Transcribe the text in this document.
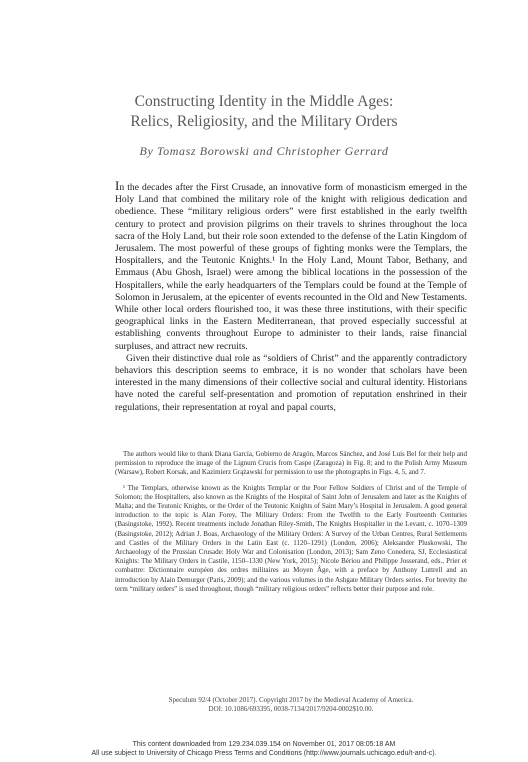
Constructing Identity in the Middle Ages:
Relics, Religiosity, and the Military Orders
By Tomasz Borowski and Christopher Gerrard

In the decades after the First Crusade, an innovative form of monasticism emerged in the Holy Land that combined the military role of the knight with religious dedication and obedience. These “military religious orders” were first established in the early twelfth century to protect and provision pilgrims on their travels to shrines throughout the loca sacra of the Holy Land, but their role soon extended to the defense of the Latin Kingdom of Jerusalem. The most powerful of these groups of fighting monks were the Templars, the Hospitallers, and the Teutonic Knights.¹ In the Holy Land, Mount Tabor, Bethany, and Emmaus (Abu Ghosh, Israel) were among the biblical locations in the possession of the Hospitallers, while the early headquarters of the Templars could be found at the Temple of Solomon in Jerusalem, at the epicenter of events recounted in the Old and New Testaments. While other local orders flourished too, it was these three institutions, with their specific geographical links in the Eastern Mediterranean, that proved especially successful at establishing convents throughout Europe to administer to their lands, raise financial surpluses, and attract new recruits.

Given their distinctive dual role as “soldiers of Christ” and the apparently contradictory behaviors this description seems to embrace, it is no wonder that scholars have been interested in the many dimensions of their collective social and cultural identity. Historians have noted the careful self-presentation and promotion of reputation enshrined in their regulations, their representation at royal and papal courts,

The authors would like to thank Diana García, Gobierno de Aragón, Marcos Sánchez, and José Luis Bel for their help and permission to reproduce the image of the Lignum Crucis from Caspe (Zaragoza) in Fig. 8; and to the Polish Army Museum (Warsaw), Robert Korsak, and Kazimierz Grążawski for permission to use the photographs in Figs. 4, 5, and 7.

¹ The Templars, otherwise known as the Knights Templar or the Poor Fellow Soldiers of Christ and of the Temple of Solomon; the Hospitallers, also known as the Knights of the Hospital of Saint John of Jerusalem and later as the Knights of Malta; and the Teutonic Knights, or the Order of the Teutonic Knights of Saint Mary’s Hospital in Jerusalem. A good general introduction to the topic is Alan Forey, The Military Orders: From the Twelfth to the Early Fourteenth Centuries (Basingstoke, 1992). Recent treatments include Jonathan Riley-Smith, The Knights Hospitaller in the Levant, c. 1070–1309 (Basingstoke, 2012); Adrian J. Boas, Archaeology of the Military Orders: A Survey of the Urban Centres, Rural Settlements and Castles of the Military Orders in the Latin East (c. 1120–1291) (London, 2006); Aleksander Pluskowski, The Archaeology of the Prussian Crusade: Holy War and Colonisation (London, 2013); Sam Zeno Conedera, SJ, Ecclesiastical Knights: The Military Orders in Castile, 1150–1330 (New York, 2015); Nicole Bériou and Philippe Josserand, eds., Prier et combattre: Dictionnaire européen des ordres militaires au Moyen Âge, with a preface by Anthony Luttrell and an introduction by Alain Demurger (Paris, 2009); and the various volumes in the Ashgate Military Orders series. For brevity the term “military orders” is used throughout, though “military religious orders” reflects better their purpose and role.

Speculum 92/4 (October 2017). Copyright 2017 by the Medieval Academy of America.
DOI: 10.1086/693395, 0038-7134/2017/9204-0002$10.00.
This content downloaded from 129.234.039.154 on November 01, 2017 08:05:18 AM
All use subject to University of Chicago Press Terms and Conditions (http://www.journals.uchicago.edu/t-and-c).
